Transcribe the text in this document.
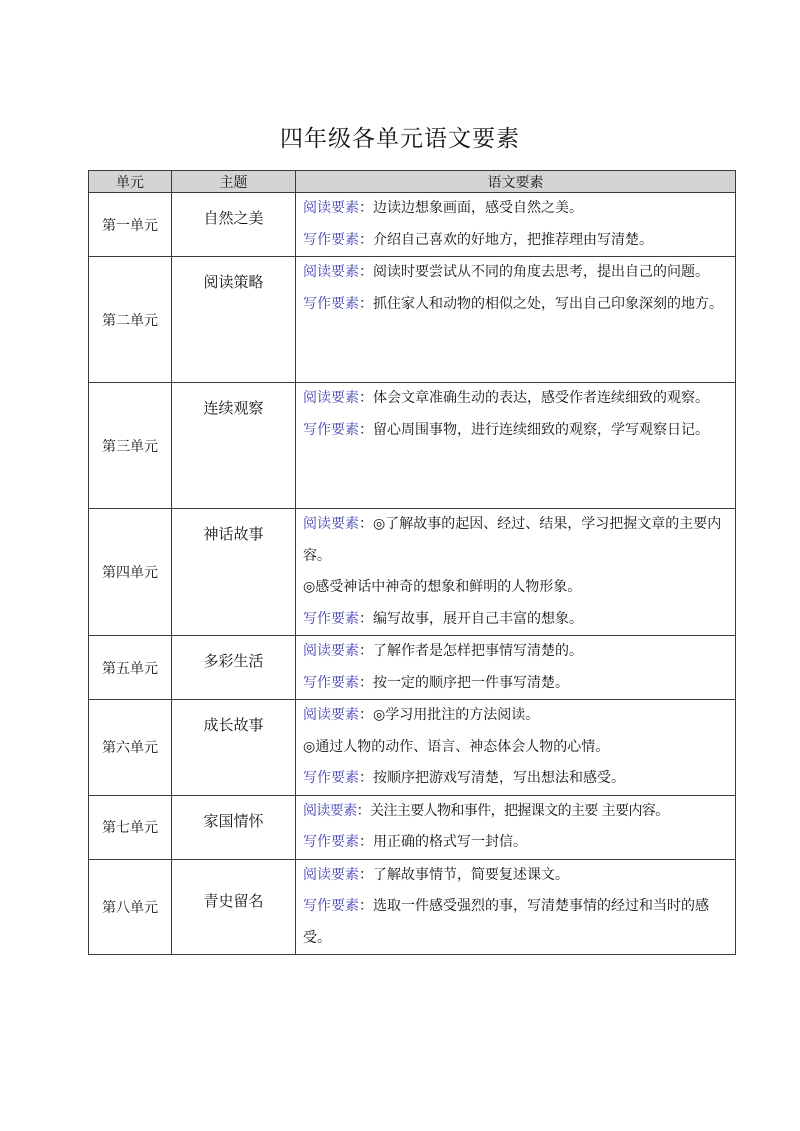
四年级各单元语文要素
单元	主题	语文要素
第一单元	自然之美	阅读要素：边读边想象画面，感受自然之美。
写作要素：介绍自己喜欢的好地方，把推荐理由写清楚。

第二单元	阅读策略	阅读要素：阅读时要尝试从不同的角度去思考，提出自己的问题。
写作要素：抓住家人和动物的相似之处，写出自己印象深刻的地方。

第三单元	连续观察	阅读要素：体会文章准确生动的表达，感受作者连续细致的观察。
写作要素：留心周围事物，进行连续细致的观察，学写观察日记。

第四单元	神话故事	阅读要素：◎了解故事的起因、经过、结果，学习把握文章的主要内容。
◎感受神话中神奇的想象和鲜明的人物形象。
写作要素：编写故事，展开自己丰富的想象。

第五单元	多彩生活	阅读要素：了解作者是怎样把事情写清楚的。
写作要素：按一定的顺序把一件事写清楚。

第六单元	成长故事	阅读要素：◎学习用批注的方法阅读。
◎通过人物的动作、语言、神态体会人物的心情。
写作要素：按顺序把游戏写清楚，写出想法和感受。

第七单元	家国情怀	阅读要素：关注主要人物和事件，把握课文的主要 主要内容。
写作要素：用正确的格式写一封信。

第八单元	青史留名	阅读要素：了解故事情节，简要复述课文。
写作要素：选取一件感受强烈的事，写清楚事情的经过和当时的感受。
